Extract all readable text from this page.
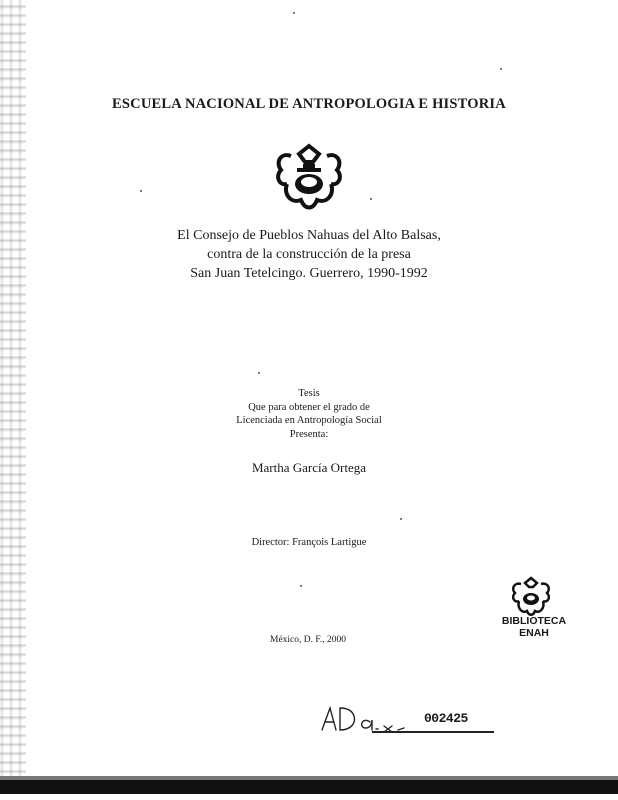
ESCUELA NACIONAL DE ANTROPOLOGIA E HISTORIA
El Consejo de Pueblos Nahuas del Alto Balsas,
contra de la construcción de la presa
San Juan Tetelcingo. Guerrero, 1990-1992
Tesis
Que para obtener el grado de
Licenciada en Antropología Social
Presenta:
Martha García Ortega
Director: François Lartigue
BIBLIOTECA
ENAH
México, D. F., 2000
002425
